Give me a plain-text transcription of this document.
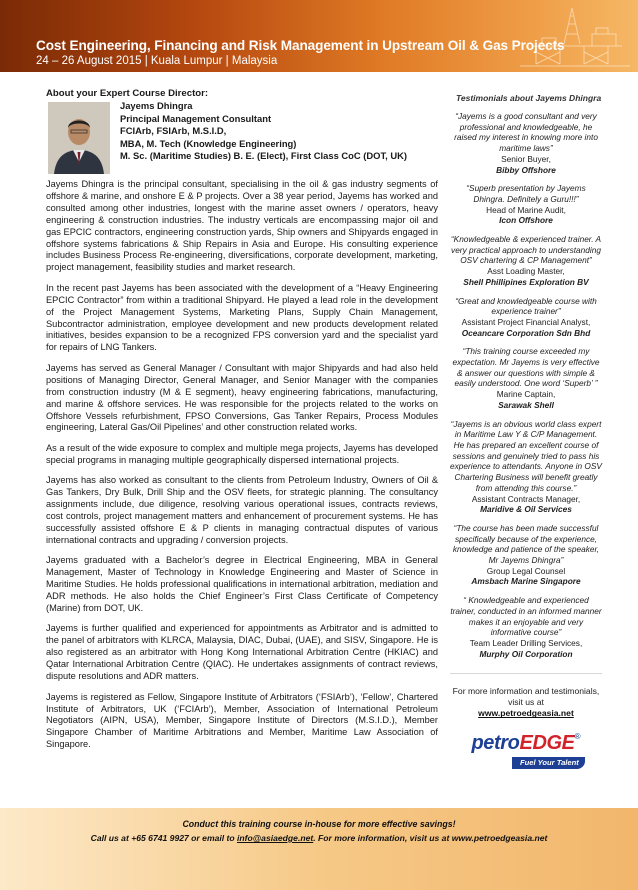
Cost Engineering, Financing and Risk Management in Upstream Oil & Gas Projects
24 – 26 August 2015 | Kuala Lumpur | Malaysia
About your Expert Course Director:
Jayems Dhingra
Principal Management Consultant
FCIArb, FSIArb, M.S.I.D,
MBA, M. Tech (Knowledge Engineering)
M. Sc. (Maritime Studies) B. E. (Elect), First Class CoC (DOT, UK)

Jayems Dhingra is the principal consultant, specialising in the oil & gas industry segments of offshore & marine, and onshore E & P projects. Over a 38 year period, Jayems has worked and consulted among other industries, longest with the marine asset owners / operators, heavy engineering & construction industries. The industry verticals are encompassing major oil and gas EPCIC contractors, engineering construction yards, Ship owners and Shipyards engaged in offshore systems fabrications & Ship Repairs in Asia and Europe. His consulting experience includes Business Process Re-engineering, diversifications, corporate development, marketing, project management, feasibility studies and market research.

In the recent past Jayems has been associated with the development of a “Heavy Engineering EPCIC Contractor” from within a traditional Shipyard. He played a lead role in the development of the Project Management Systems, Marketing Plans, Supply Chain Management, Subcontractor administration, employee development and new products development related initiatives, besides expansion to be a recognized FPS conversion yard and the specialist yard for repairs of LNG Tankers.

Jayems has served as General Manager / Consultant with major Shipyards and had also held positions of Managing Director, General Manager, and Senior Manager with the companies from construction industry (M & E segment), heavy engineering fabrications, manufacturing, and marine & offshore services. He was responsible for the projects related to the works on Offshore Vessels refurbishment, FPSO Conversions, Gas Tanker Repairs, Process Modules engineering, Lateral Gas/Oil Pipelines’ and other construction related works.

As a result of the wide exposure to complex and multiple mega projects, Jayems has developed special programs in managing multiple geographically dispersed international projects.

Jayems has also worked as consultant to the clients from Petroleum Industry, Owners of Oil & Gas Tankers, Dry Bulk, Drill Ship and the OSV fleets, for strategic planning. The consultancy assignments include, due diligence, resolving various operational issues, contracts reviews, cost controls, project management matters and enhancement of procurement systems. He has successfully assisted offshore E & P clients in managing contractual disputes of various international contracts and upgrading / conversion projects.

Jayems graduated with a Bachelor’s degree in Electrical Engineering, MBA in General Management, Master of Technology in Knowledge Engineering and Master of Science in Maritime Studies. He holds professional qualifications in international arbitration, mediation and ADR methods. He also holds the Chief Engineer’s First Class Certificate of Competency (Marine) from DOT, UK.

Jayems is further qualified and experienced for appointments as Arbitrator and is admitted to the panel of arbitrators with KLRCA, Malaysia, DIAC, Dubai, (UAE), and SISV, Singapore. He is also registered as an arbitrator with Hong Kong International Arbitration Centre (HKIAC) and Qatar International Arbitration Centre (QIAC). He undertakes assignments of contract reviews, dispute resolutions and ADR matters.

Jayems is registered as Fellow, Singapore Institute of Arbitrators (‘FSIArb’), ‘Fellow’, Chartered Institute of Arbitrators, UK (‘FCIArb’), Member, Association of International Petroleum Negotiators (AIPN, USA), Member, Singapore Institute of Directors (M.S.I.D.), Member Singapore Chamber of Maritime Arbitrations and Member, Maritime Law Association of Singapore.

Testimonials about Jayems Dhingra
“Jayems is a good consultant and very professional and knowledgeable, he raised my interest in knowing more into maritime laws”
Senior Buyer,
Bibby Offshore
“Superb presentation by Jayems Dhingra. Definitely a Guru!!!”
Head of Marine Audit,
Icon Offshore
“Knowledgeable & experienced trainer. A very practical approach to understanding OSV chartering & CP Management”
Asst Loading Master,
Shell Phillipines Exploration BV
“Great and knowledgeable course with experience trainer”
Assistant Project Financial Analyst,
Oceancare Corporation Sdn Bhd
“This training course exceeded my expectation. Mr Jayems is very effective & answer our questions with simple & easily understood. One word ‘Superb’ ”
Marine Captain,
Sarawak Shell
“Jayems is an obvious world class expert in Maritime Law Y & C/P Management. He has prepared an excellent course of sessions and genuinely tried to pass his experience to attendants. Anyone in OSV Chartering Business will benefit greatly from attending this course.”
Assistant Contracts Manager,
Maridive & Oil Services
“The course has been made successful specifically because of the experience, knowledge and patience of the speaker, Mr Jayems Dhingra”
Group Legal Counsel
Amsbach Marine Singapore
“ Knowledgeable and experienced trainer, conducted in an informed manner makes it an enjoyable and very informative course”
Team Leader Drilling Services,
Murphy Oil Corporation
For more information and testimonials, visit us at
www.petroedgeasia.net
petroEDGE®
Fuel Your Talent
Conduct this training course in-house for more effective savings!
Call us at +65 6741 9927 or email to info@asiaedge.net. For more information, visit us at www.petroedgeasia.net
